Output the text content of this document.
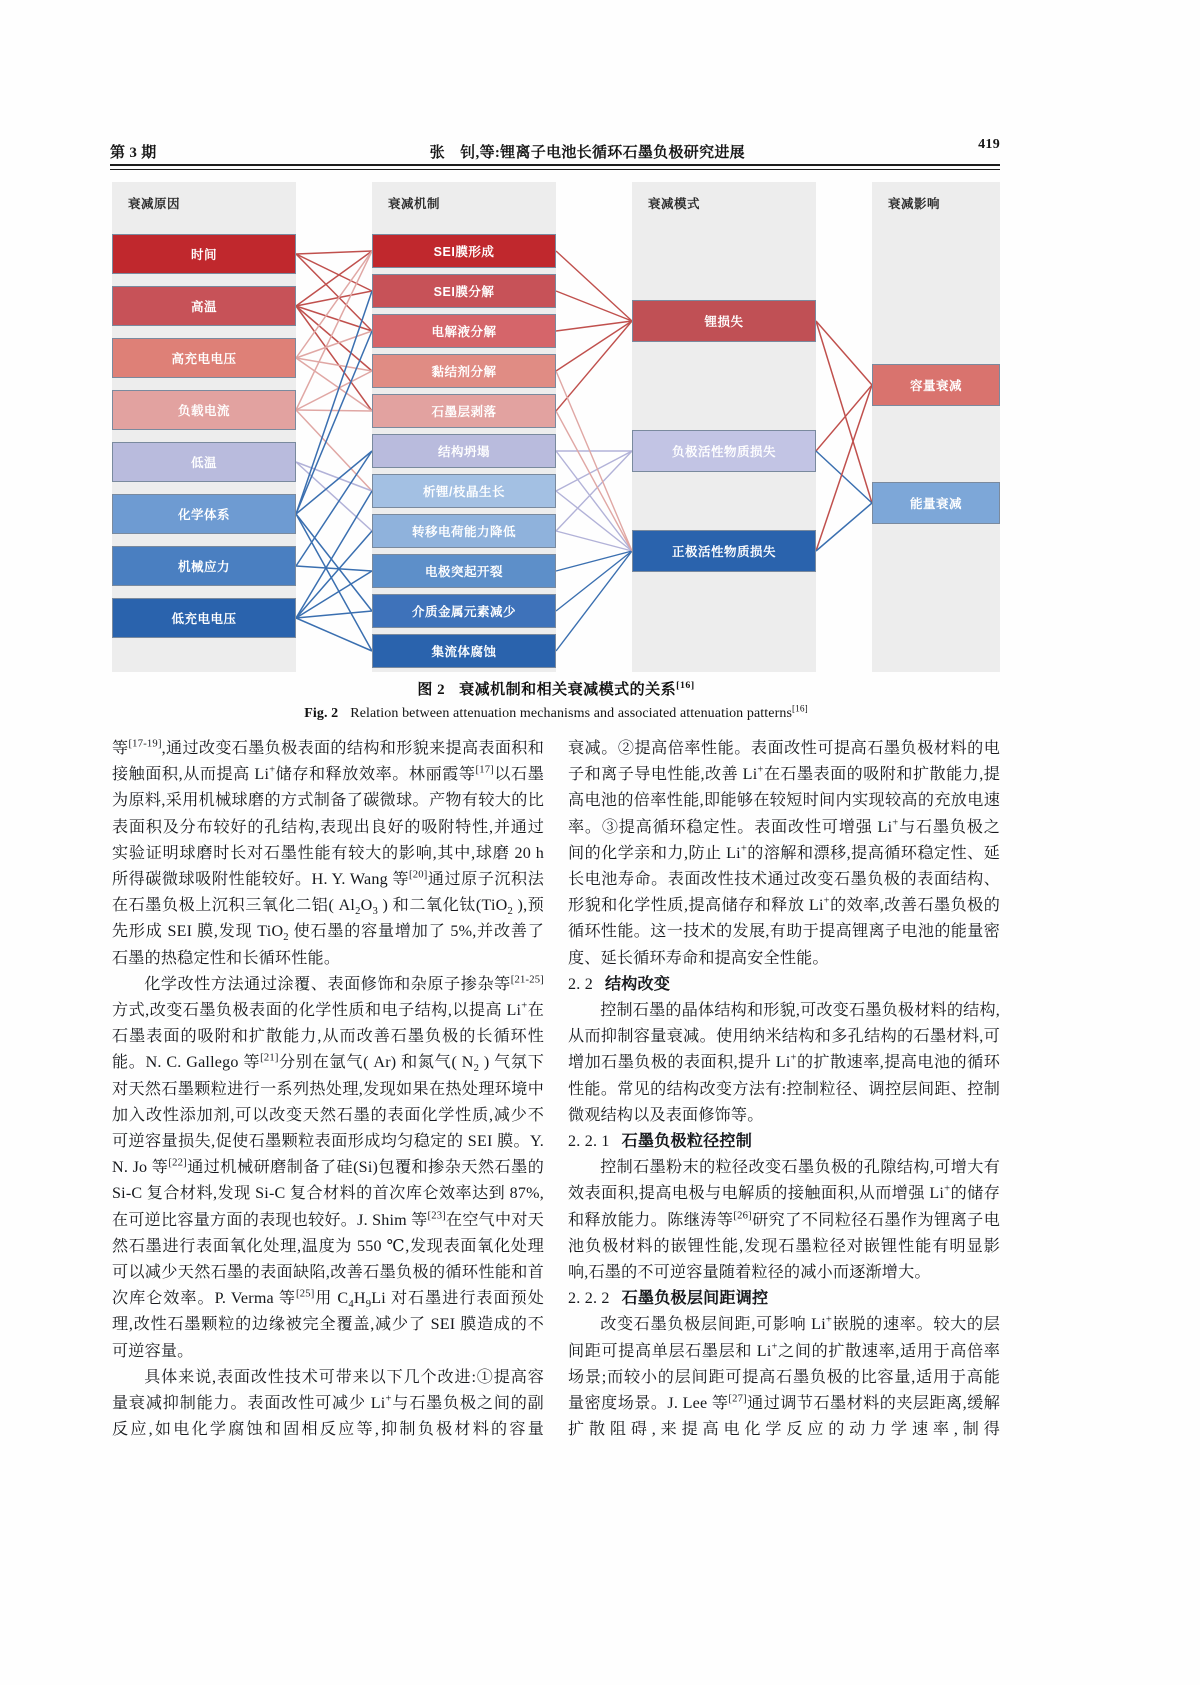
第 3 期	张　钊,等:锂离子电池长循环石墨负极研究进展
419
衰减原因	衰减机制	衰减模式	衰减影响
时间
高温
高充电电压
负载电流
低温
化学体系
机械应力
低充电电压
SEI膜形成
SEI膜分解
电解液分解
黏结剂分解
石墨层剥落
结构坍塌
析锂/枝晶生长
转移电荷能力降低
电极突起开裂
介质金属元素减少
集流体腐蚀
锂损失
负极活性物质损失
正极活性物质损失
容量衰减
能量衰减
图 2 衰减机制和相关衰减模式的关系[16]
Fig. 2 Relation between attenuation mechanisms and associated attenuation patterns[16]

等[17-19],通过改变石墨负极表面的结构和形貌来提高表面积和接触面积,从而提高 Li+储存和释放效率。林丽霞等[17]以石墨为原料,采用机械球磨的方式制备了碳微球。产物有较大的比表面积及分布较好的孔结构,表现出良好的吸附特性,并通过实验证明球磨时长对石墨性能有较大的影响,其中,球磨 20 h 所得碳微球吸附性能较好。H. Y. Wang 等[20]通过原子沉积法在石墨负极上沉积三氧化二铝( $Al_2O_3$ ) 和二氧化钛(TiO$_2$ ),预先形成 SEI 膜,发现 TiO$_2$ 使石墨的容量增加了 5%,并改善了石墨的热稳定性和长循环性能。

化学改性方法通过涂覆、表面修饰和杂原子掺杂等[21-25]方式,改变石墨负极表面的化学性质和电子结构,以提高 Li+在石墨表面的吸附和扩散能力,从而改善石墨负极的长循环性能。N. C. Gallego 等[21]分别在氩气( Ar) 和氮气( $N_2$ ) 气氛下对天然石墨颗粒进行一系列热处理,发现如果在热处理环境中加入改性添加剂,可以改变天然石墨的表面化学性质,减少不可逆容量损失,促使石墨颗粒表面形成均匀稳定的 SEI 膜。Y. N. Jo 等[22]通过机械研磨制备了硅(Si)包覆和掺杂天然石墨的 Si-C 复合材料,发现 Si-C 复合材料的首次库仑效率达到 87%,在可逆比容量方面的表现也较好。J. Shim 等[23]在空气中对天然石墨进行表面氧化处理,温度为 550 ℃,发现表面氧化处理可以减少天然石墨的表面缺陷,改善石墨负极的循环性能和首次库仑效率。P. Verma 等[25]用 $C_4H_9Li$ 对石墨进行表面预处理,改性石墨颗粒的边缘被完全覆盖,减少了 SEI 膜造成的不可逆容量。

具体来说,表面改性技术可带来以下几个改进:①提高容量衰减抑制能力。表面改性可减少 Li+与石墨负极之间的副反应,如电化学腐蚀和固相反应等,抑制负极材料的容量

衰减。②提高倍率性能。表面改性可提高石墨负极材料的电子和离子导电性能,改善 Li+在石墨表面的吸附和扩散能力,提高电池的倍率性能,即能够在较短时间内实现较高的充放电速率。③提高循环稳定性。表面改性可增强 Li+与石墨负极之间的化学亲和力,防止 Li+的溶解和漂移,提高循环稳定性、延长电池寿命。表面改性技术通过改变石墨负极的表面结构、形貌和化学性质,提高储存和释放 Li+的效率,改善石墨负极的循环性能。这一技术的发展,有助于提高锂离子电池的能量密度、延长循环寿命和提高安全性能。

2. 2 结构改变

控制石墨的晶体结构和形貌,可改变石墨负极材料的结构,从而抑制容量衰减。使用纳米结构和多孔结构的石墨材料,可增加石墨负极的表面积,提升 Li+的扩散速率,提高电池的循环性能。常见的结构改变方法有:控制粒径、调控层间距、控制微观结构以及表面修饰等。

2. 2. 1 石墨负极粒径控制

控制石墨粉末的粒径改变石墨负极的孔隙结构,可增大有效表面积,提高电极与电解质的接触面积,从而增强 Li+的储存和释放能力。陈继涛等[26]研究了不同粒径石墨作为锂离子电池负极材料的嵌锂性能,发现石墨粒径对嵌锂性能有明显影响,石墨的不可逆容量随着粒径的减小而逐渐增大。

2. 2. 2 石墨负极层间距调控

改变石墨负极层间距,可影响 Li+嵌脱的速率。较大的层间距可提高单层石墨层和 Li+之间的扩散速率,适用于高倍率场景;而较小的层间距可提高石墨负极的比容量,适用于高能量密度场景。J. Lee 等[27]通过调节石墨材料的夹层距离,缓解扩散阻碍,来提高电化学反应的动力学速率,制得
